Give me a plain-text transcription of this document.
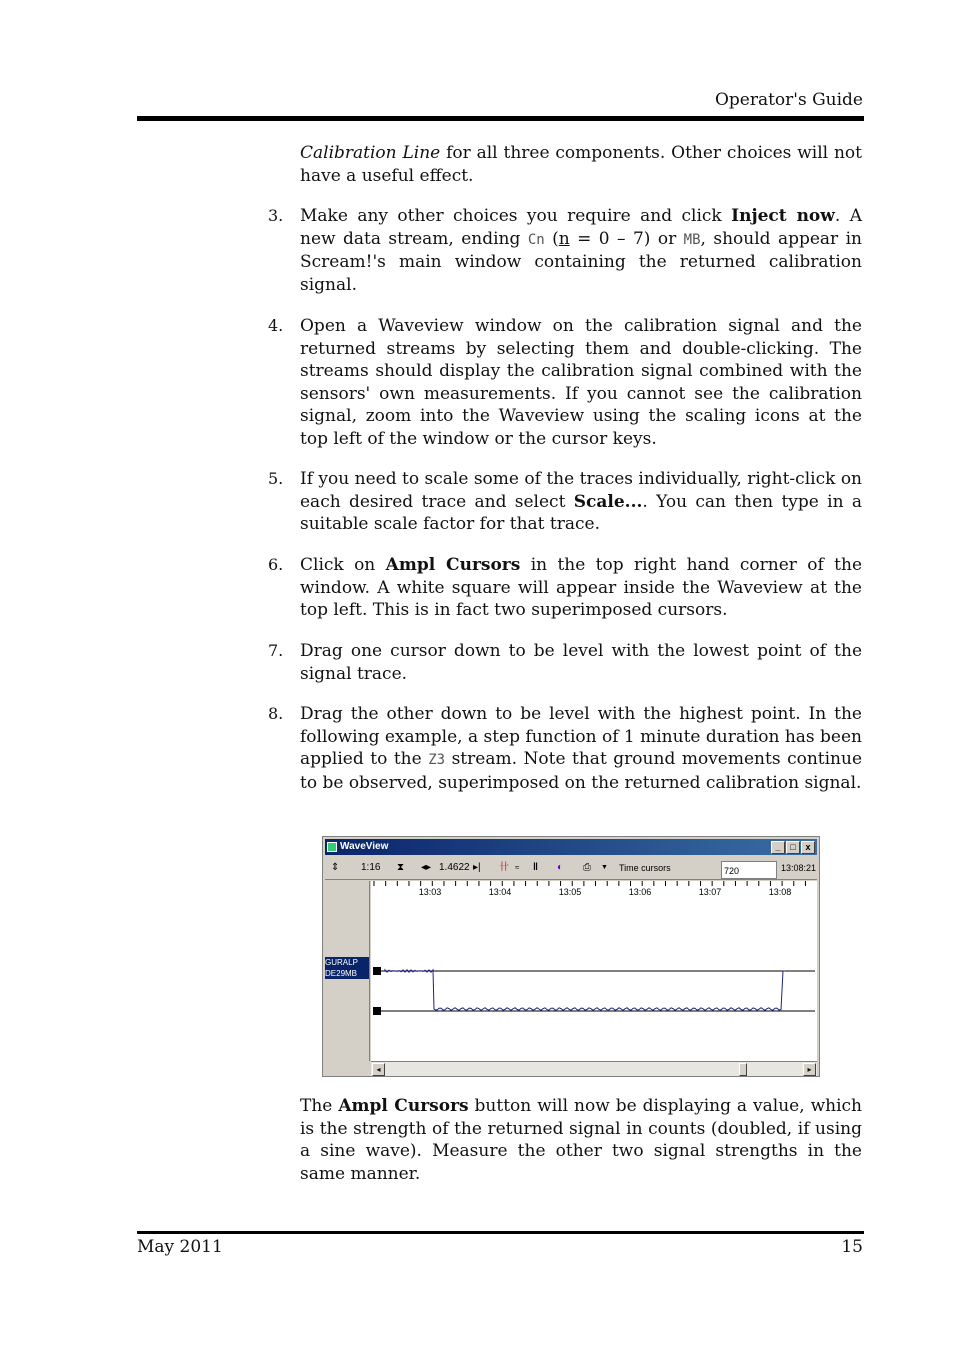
Operator's Guide
Calibration Line for all three components. Other choices will not have a useful effect.
3. Make any other choices you require and click Inject now. A new data stream, ending Cn (n = 0 – 7) or MB, should appear in Scream!'s main window containing the returned calibration signal.
4. Open a Waveview window on the calibration signal and the returned streams by selecting them and double-clicking. The streams should display the calibration signal combined with the sensors' own measurements. If you cannot see the calibration signal, zoom into the Waveview using the scaling icons at the top left of the window or the cursor keys.
5. If you need to scale some of the traces individually, right-click on each desired trace and select Scale.... You can then type in a suitable scale factor for that trace.
6. Click on Ampl Cursors in the top right hand corner of the window. A white square will appear inside the Waveview at the top left. This is in fact two superimposed cursors.
7. Drag one cursor down to be level with the lowest point of the signal trace.
8. Drag the other down to be level with the highest point. In the following example, a step function of 1 minute duration has been applied to the Z3 stream. Note that ground movements continue to be observed, superimposed on the returned calibration signal.
WaveView	_ □ x
⇕ 1:16 ⧗ ◂▸ 1.4622 ▸| 卄 ≈ ‖ ◐ ⎙ ▼ Time cursors	720	13:08:21
GURALP
DE29MB
13:03	13:04	13:05	13:06	13:07	13:08
◂	▸
The Ampl Cursors button will now be displaying a value, which is the strength of the returned signal in counts (doubled, if using a sine wave). Measure the other two signal strengths in the same manner.
May 2011	15
